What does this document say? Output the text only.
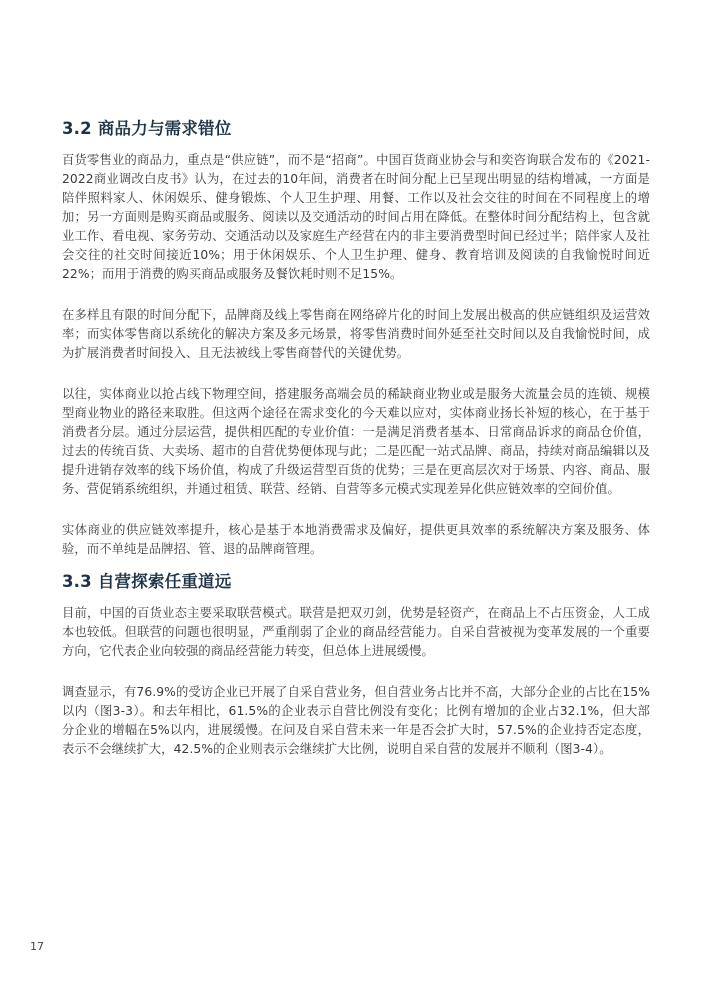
3.2 商品力与需求错位

百货零售业的商品力，重点是“供应链”，而不是“招商”。中国百货商业协会与和奕咨询联合发布的《2021-2022商业调改白皮书》认为，在过去的10年间，消费者在时间分配上已呈现出明显的结构增减，一方面是陪伴照料家人、休闲娱乐、健身锻炼、个人卫生护理、用餐、工作以及社会交往的时间在不同程度上的增加；另一方面则是购买商品或服务、阅读以及交通活动的时间占用在降低。在整体时间分配结构上，包含就业工作、看电视、家务劳动、交通活动以及家庭生产经营在内的非主要消费型时间已经过半；陪伴家人及社会交往的社交时间接近10%；用于休闲娱乐、个人卫生护理、健身、教育培训及阅读的自我愉悦时间近 22%；而用于消费的购买商品或服务及餐饮耗时则不足15%。

在多样且有限的时间分配下，品牌商及线上零售商在网络碎片化的时间上发展出极高的供应链组织及运营效率；而实体零售商以系统化的解决方案及多元场景，将零售消费时间外延至社交时间以及自我愉悦时间，成为扩展消费者时间投入、且无法被线上零售商替代的关键优势。

以往，实体商业以抢占线下物理空间，搭建服务高端会员的稀缺商业物业或是服务大流量会员的连锁、规模型商业物业的路径来取胜。但这两个途径在需求变化的今天难以应对，实体商业扬长补短的核心，在于基于消费者分层。通过分层运营，提供相匹配的专业价值：一是满足消费者基本、日常商品诉求的商品仓价值，过去的传统百货、大卖场、超市的自营优势便体现与此；二是匹配一站式品牌、商品，持续对商品编辑以及提升进销存效率的线下场价值，构成了升级运营型百货的优势；三是在更高层次对于场景、内容、商品、服务、营促销系统组织，并通过租赁、联营、经销、自营等多元模式实现差异化供应链效率的空间价值。

实体商业的供应链效率提升，核心是基于本地消费需求及偏好，提供更具效率的系统解决方案及服务、体验，而不单纯是品牌招、管、退的品牌商管理。

3.3 自营探索任重道远

目前，中国的百货业态主要采取联营模式。联营是把双刃剑，优势是轻资产，在商品上不占压资金，人工成本也较低。但联营的问题也很明显，严重削弱了企业的商品经营能力。自采自营被视为变革发展的一个重要方向，它代表企业向较强的商品经营能力转变，但总体上进展缓慢。

调查显示，有76.9%的受访企业已开展了自采自营业务，但自营业务占比并不高，大部分企业的占比在15%以内（图3-3）。和去年相比，61.5%的企业表示自营比例没有变化；比例有增加的企业占32.1%，但大部分企业的增幅在5%以内，进展缓慢。在问及自采自营未来一年是否会扩大时，57.5%的企业持否定态度，表示不会继续扩大，42.5%的企业则表示会继续扩大比例，说明自采自营的发展并不顺利（图3-4）。

17
